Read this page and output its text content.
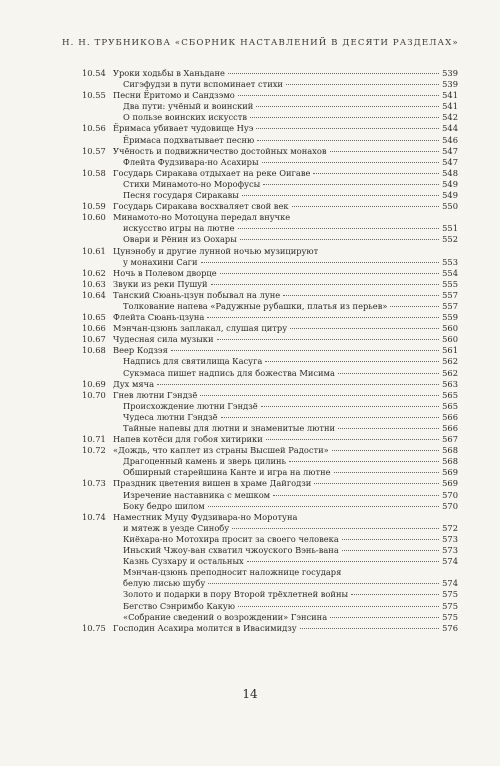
Н. Н. ТРУБНИКОВА «СБОРНИК НАСТАВЛЕНИЙ В ДЕСЯТИ РАЗДЕЛАХ»
10.54 Уроки ходьбы в Ханьдане	539
Сигэфудзи в пути вспоминает стихи	539
10.55 Песни Ёритомо и Сандзэмо	541
Два пути: учёный и воинский	541
О пользе воинских искусств	542
10.56 Ёримаса убивает чудовище Нуэ	544
Ёримаса подхватывает песню	546
10.57 Учёность и подвижничество достойных монахов	547
Флейта Фудзивара-но Асахиры	547
10.58 Государь Сиракава отдыхает на реке Оигаве	548
Стихи Минамото-но Морофусы	549
Песня государя Сиракавы	549
10.59 Государь Сиракава восхваляет свой век	550
10.60 Минамото-но Мотоцуна передал внучке
искусство игры на лютне	551
Овари и Рёнин из Оохары	552
10.61 Цунэнобу и другие лунной ночью музицируют
у монахини Саги	553
10.62 Ночь в Полевом дворце	554
10.63 Звуки из реки Пушуй	555
10.64 Танский Сюань-цзун побывал на луне	557
Толкование напева «Радужные рубашки, платья из перьев»	557
10.65 Флейта Сюань-цзуна	559
10.66 Мэнчан-цзюнь заплакал, слушая цитру	560
10.67 Чудесная сила музыки	560
10.68 Веер Кодзэя	561
Надпись для святилища Касуга	562
Сукэмаса пишет надпись для божества Мисима	562
10.69 Дух мяча	563
10.70 Гнев лютни Гэндзё	565
Происхождение лютни Гэндзё	565
Чудеса лютни Гэндзё	566
Тайные напевы для лютни и знаменитые лютни	566
10.71 Напев котёси для гобоя хитирики	567
10.72 «Дождь, что каплет из страны Высшей Радости»	568
Драгоценный камень и зверь цилинь	568
Обширный старейшина Канте и игра на лютне	569
10.73 Праздник цветения вишен в храме Дайгодзи	569
Изречение наставника с мешком	570
Боку бедро шилом	570
10.74 Наместник Муцу Фудзивара-но Моротуна
и мятеж в уезде Синобу	572
Киёхара-но Мотохира просит за своего человека	573
Иньский Чжоу-ван схватил чжоуского Вэнь-вана	573
Казнь Сузхару и остальных	574
Мэнчан-цзюнь преподносит наложнице государя
белую лисью шубу	574
Золото и подарки в пору Второй трёхлетней войны	575
Бегство Сэнримбо Какую	575
«Собрание сведений о возрождении» Гэнсина	575
10.75 Господин Асахира молится в Ивасимидзу	576
14
